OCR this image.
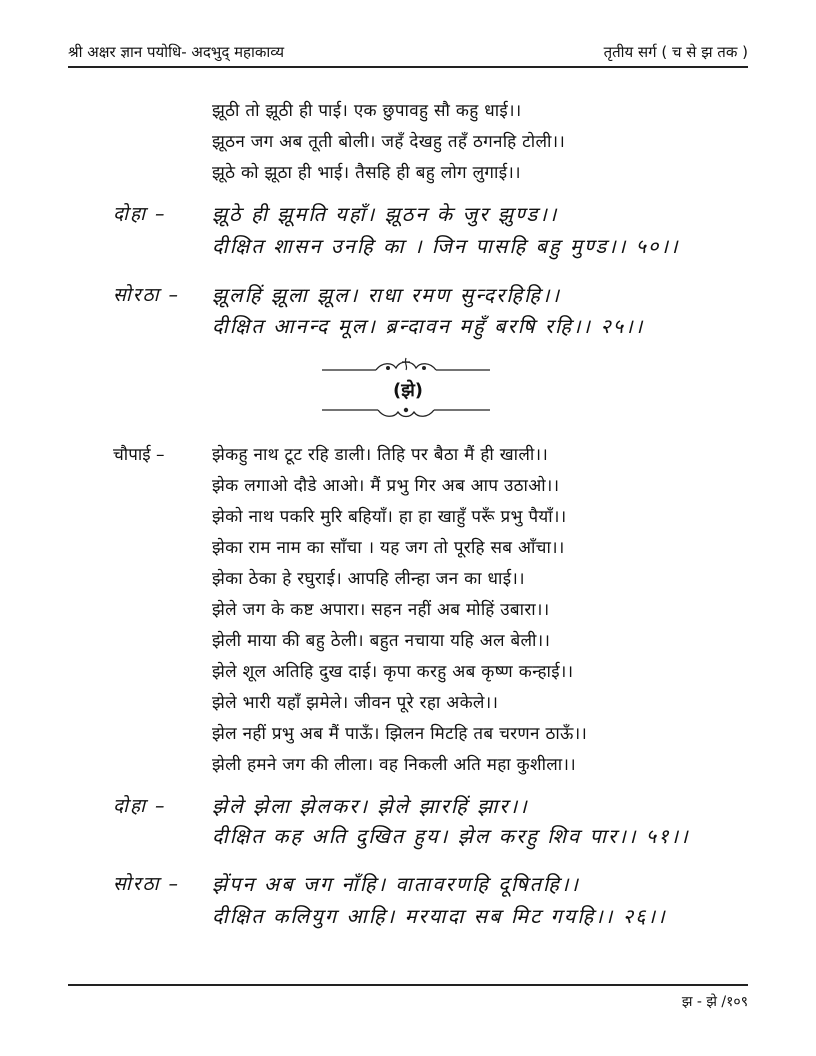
श्री अक्षर ज्ञान पयोधि- अदभुद् महाकाव्य	तृतीय सर्ग ( च से झ तक )
झूठी तो झूठी ही पाई। एक छुपावहु सौ कहु धाई।।
झूठन जग अब तूती बोली। जहँ देखहु तहँ ठगनहि टोली।।
झूठे को झूठा ही भाई। तैसहि ही बहु लोग लुगाई।।
दोहा – झूठे ही झूमति यहाँ। झूठन के जुर झुण्ड।।
दीक्षित शासन उनहि का । जिन पासहि बहु मुण्ड।। ५०।।
सोरठा – झूलहिं झूला झूल। राधा रमण सुन्दरहिहि।।
दीक्षित आनन्द मूल। ब्रन्दावन महुँ बरषि रहि।। २५।।
(झे)
चौपाई –	झेकहु नाथ टूट रहि डाली। तिहि पर बैठा मैं ही खाली।।
झेक लगाओ दौडे आओ। मैं प्रभु गिर अब आप उठाओ।।
झेको नाथ पकरि मुरि बहियाँ। हा हा खाहुँ परूँ प्रभु पैयाँ।।
झेका राम नाम का साँचा । यह जग तो पूरहि सब आँचा।।
झेका ठेका हे रघुराई। आपहि लीन्हा जन का धाई।।
झेले जग के कष्ट अपारा। सहन नहीं अब मोहिं उबारा।।
झेली माया की बहु ठेली। बहुत नचाया यहि अल बेली।।
झेले शूल अतिहि दुख दाई। कृपा करहु अब कृष्ण कन्हाई।।
झेले भारी यहाँ झमेले। जीवन पूरे रहा अकेले।।
झेल नहीं प्रभु अब मैं पाऊँ। झिलन मिटहि तब चरणन ठाऊँ।।
झेली हमने जग की लीला। वह निकली अति महा कुशीला।।
दोहा – झेले झेला झेलकर। झेले झारहिं झार।।
दीक्षित कह अति दुखित हुय। झेल करहु शिव पार।। ५१।।
सोरठा – झेंपन अब जग नाँहि। वातावरणहि दूषितहि।।
दीक्षित कलियुग आहि। मरयादा सब मिट गयहि।। २६।।
झ - झे /१०९
